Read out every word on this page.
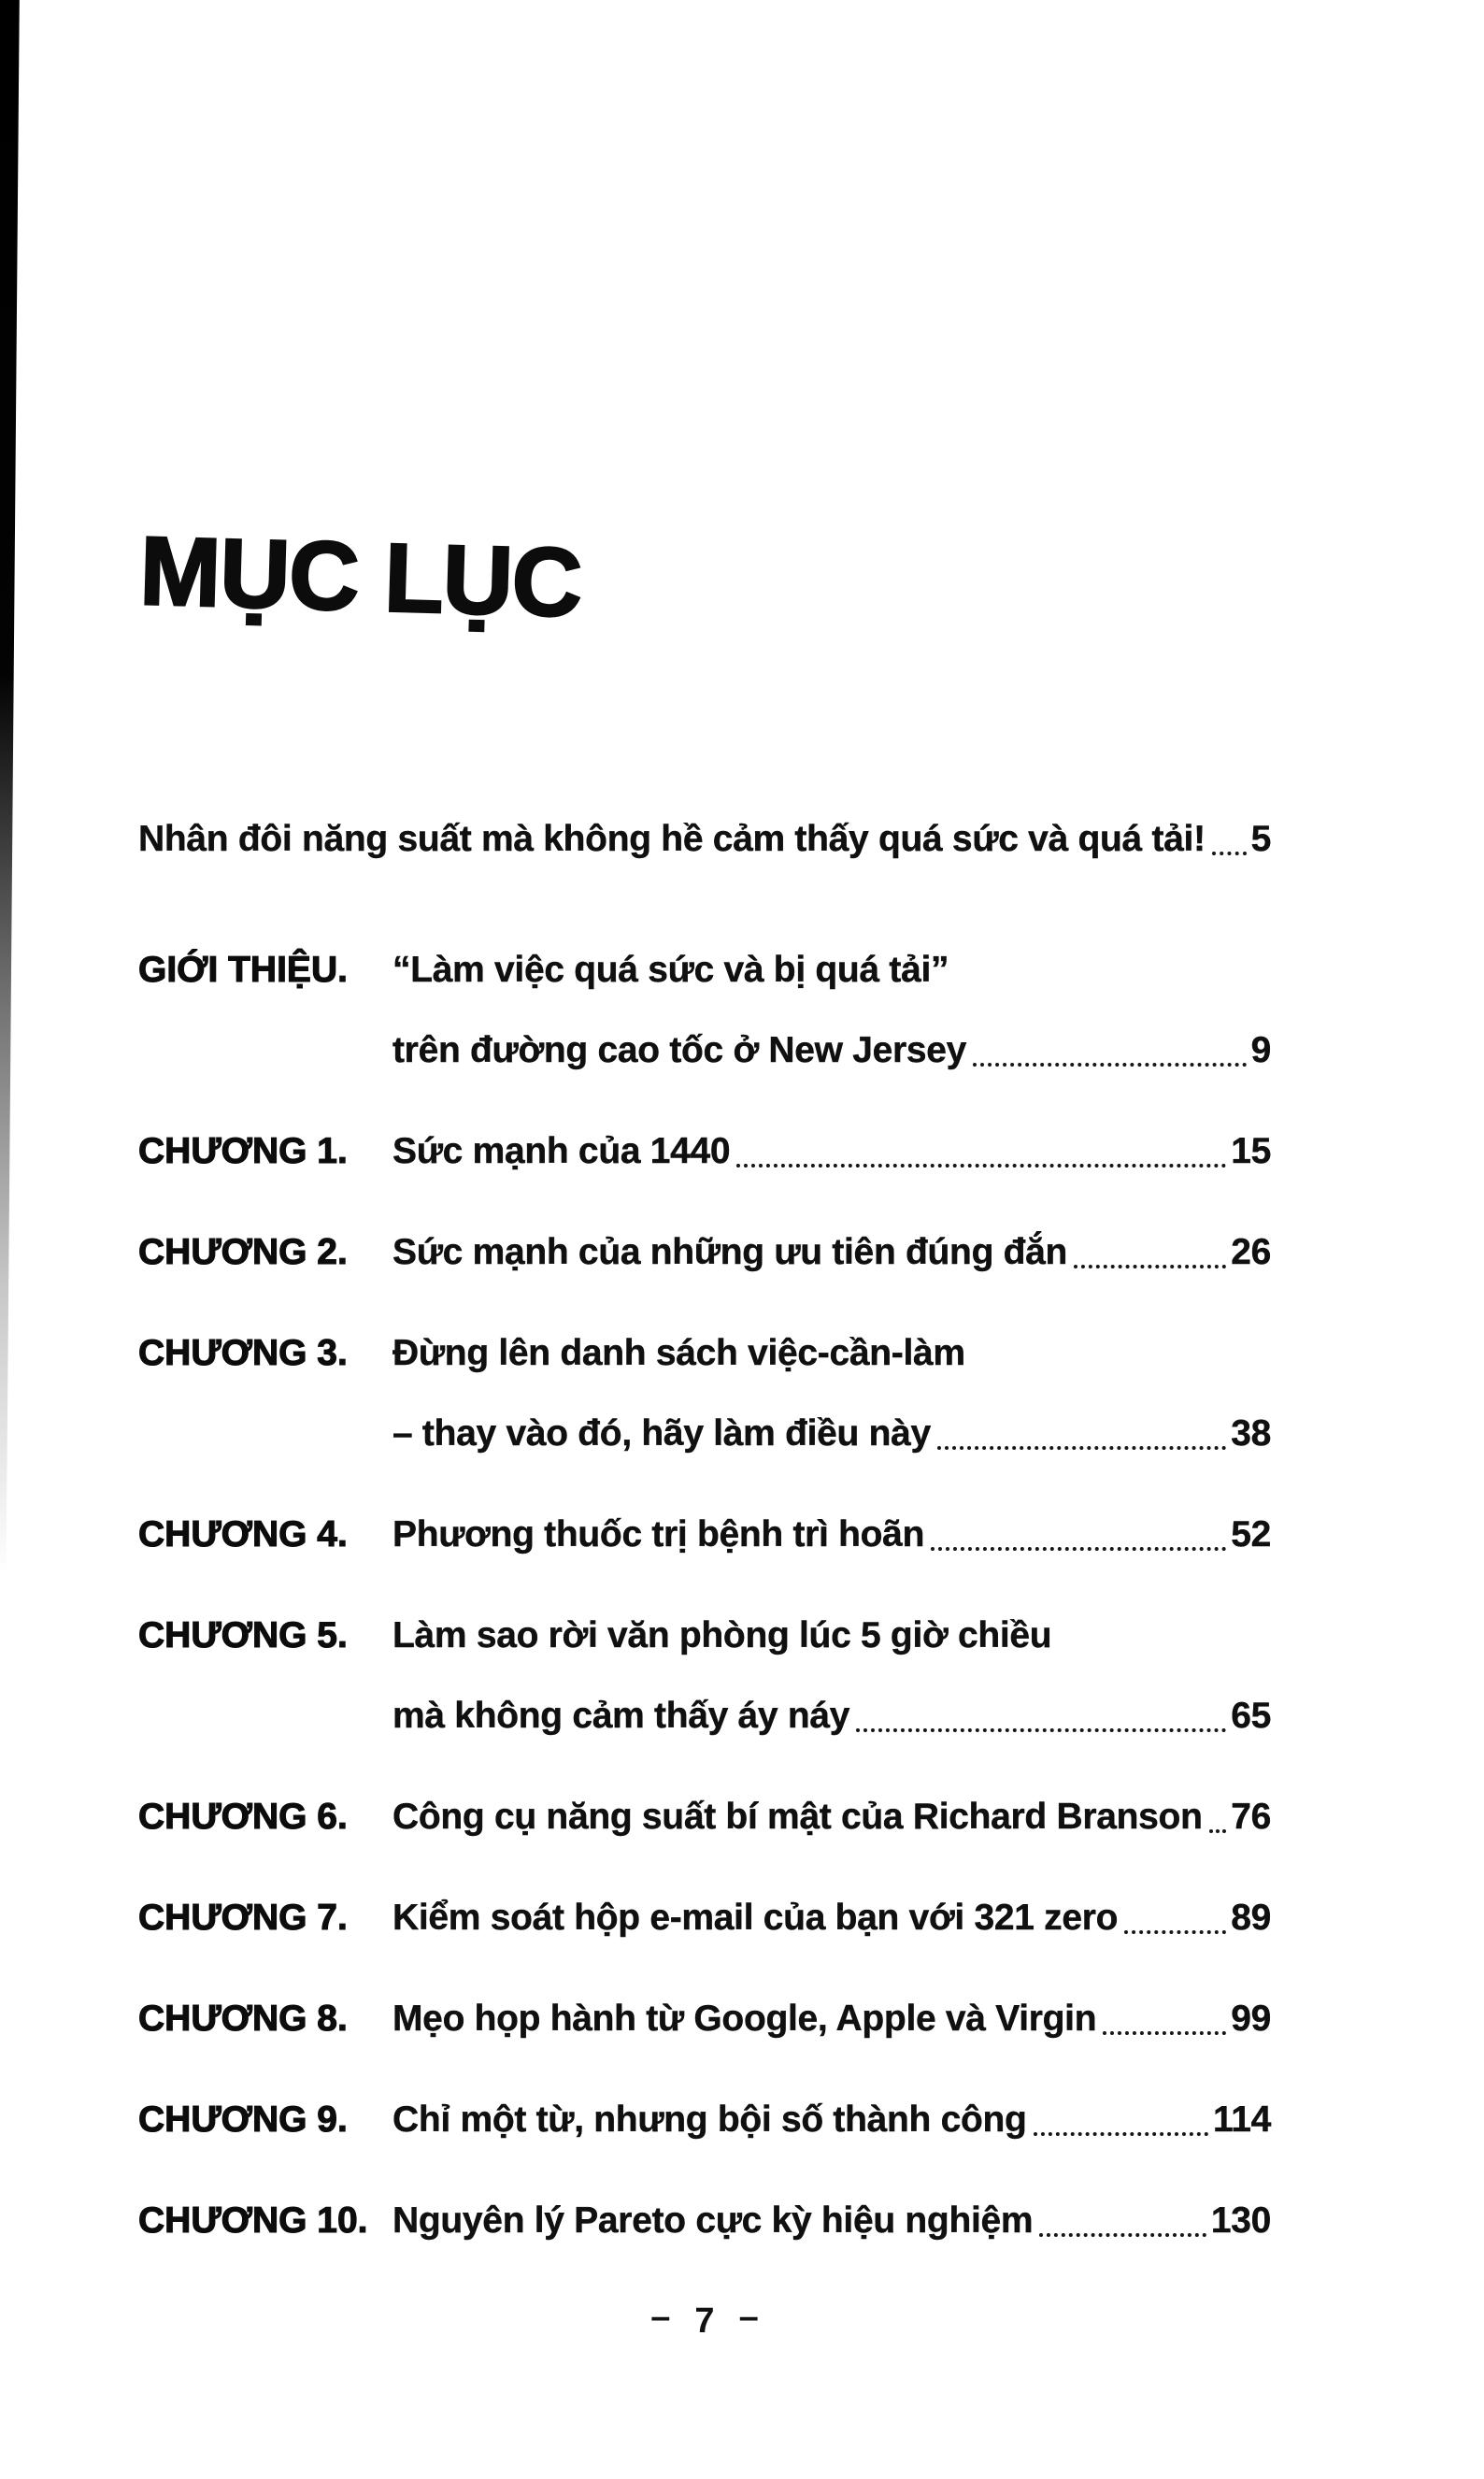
MỤC LỤC
Nhân đôi năng suất mà không hề cảm thấy quá sức và quá tải! 5
GIỚI THIỆU.	“Làm việc quá sức và bị quá tải”
trên đường cao tốc ở New Jersey	9
CHƯƠNG 1.	Sức mạnh của 1440	15
CHƯƠNG 2.	Sức mạnh của những ưu tiên đúng đắn	26
CHƯƠNG 3.	Đừng lên danh sách việc-cần-làm
– thay vào đó, hãy làm điều này	38
CHƯƠNG 4.	Phương thuốc trị bệnh trì hoãn	52
CHƯƠNG 5.	Làm sao rời văn phòng lúc 5 giờ chiều
mà không cảm thấy áy náy	65
CHƯƠNG 6.	Công cụ năng suất bí mật của Richard Branson 76
CHƯƠNG 7.	Kiểm soát hộp e-mail của bạn với 321 zero	89
CHƯƠNG 8.	Mẹo họp hành từ Google, Apple và Virgin	99
CHƯƠNG 9.	Chỉ một từ, nhưng bội số thành công	114
CHƯƠNG 10. Nguyên lý Pareto cực kỳ hiệu nghiệm	130
– 7 –
